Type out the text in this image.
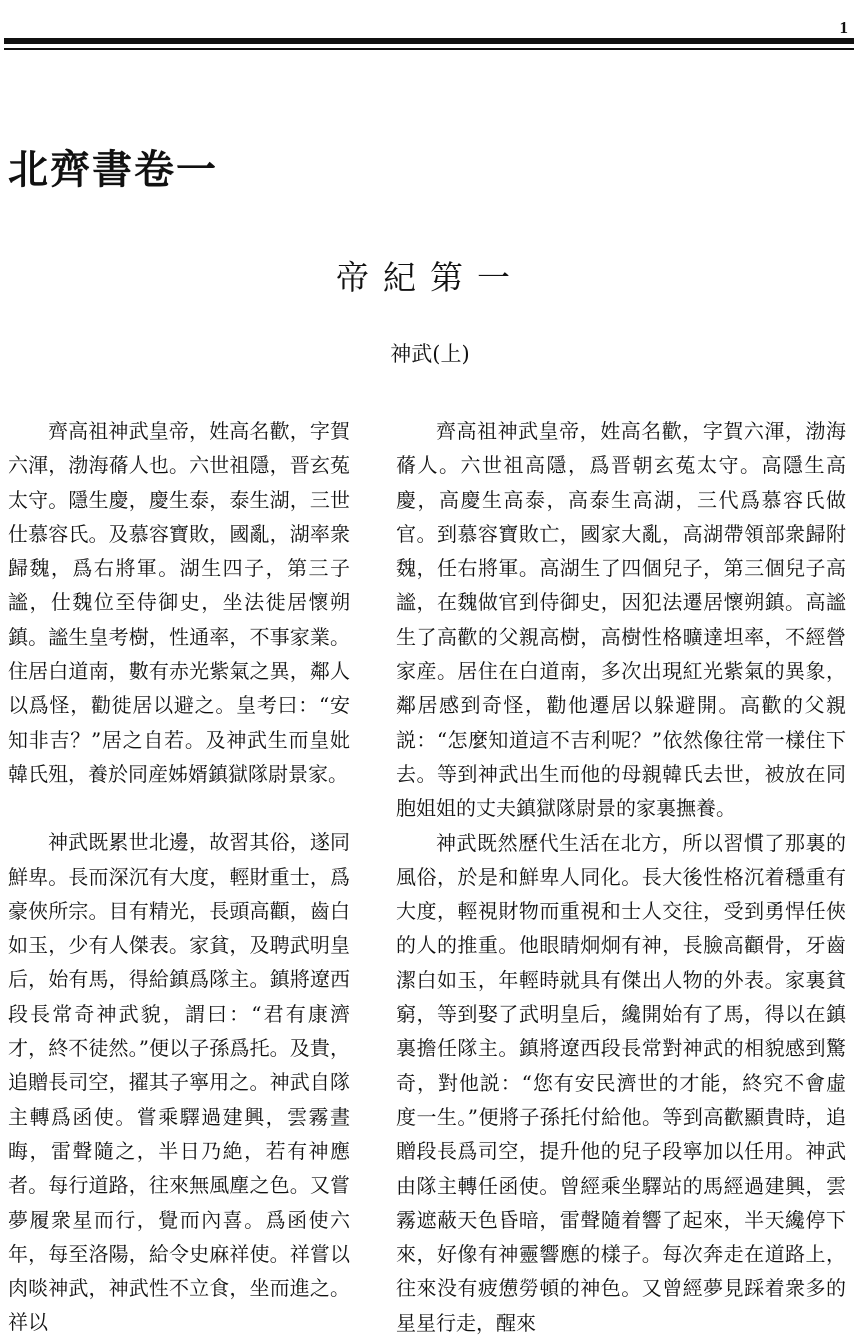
1
北齊書卷一
帝紀第一
神武(上)

齊高祖神武皇帝，姓高名歡，字賀六渾，渤海蓨人也。六世祖隱，晋玄菟太守。隱生慶，慶生泰，泰生湖，三世仕慕容氏。及慕容寶敗，國亂，湖率衆歸魏，爲右將軍。湖生四子，第三子謐，仕魏位至侍御史，坐法徙居懷朔鎮。謐生皇考樹，性通率，不事家業。住居白道南，數有赤光紫氣之異，鄰人以爲怪，勸徙居以避之。皇考曰：“安知非吉？”居之自若。及神武生而皇妣韓氏殂，養於同産姊婿鎮獄隊尉景家。

神武既累世北邊，故習其俗，遂同鮮卑。長而深沉有大度，輕財重士，爲豪俠所宗。目有精光，長頭高顴，齒白如玉，少有人傑表。家貧，及聘武明皇后，始有馬，得給鎮爲隊主。鎮將遼西段長常奇神武貌，謂曰：“君有康濟才，終不徒然。”便以子孫爲托。及貴，追贈長司空，擢其子寧用之。神武自隊主轉爲函使。嘗乘驛過建興，雲霧晝晦，雷聲隨之，半日乃絶，若有神應者。每行道路，往來無風塵之色。又嘗夢履衆星而行，覺而內喜。爲函使六年，每至洛陽，給令史麻祥使。祥嘗以肉啖神武，神武性不立食，坐而進之。祥以

齊高祖神武皇帝，姓高名歡，字賀六渾，渤海蓨人。六世祖高隱，爲晋朝玄菟太守。高隱生高慶，高慶生高泰，高泰生高湖，三代爲慕容氏做官。到慕容寶敗亡，國家大亂，高湖帶領部衆歸附魏，任右將軍。高湖生了四個兒子，第三個兒子高謐，在魏做官到侍御史，因犯法遷居懷朔鎮。高謐生了高歡的父親高樹，高樹性格曠達坦率，不經營家産。居住在白道南，多次出現紅光紫氣的異象，鄰居感到奇怪，勸他遷居以躲避開。高歡的父親説：“怎麼知道這不吉利呢？”依然像往常一樣住下去。等到神武出生而他的母親韓氏去世，被放在同胞姐姐的丈夫鎮獄隊尉景的家裏撫養。

神武既然歷代生活在北方，所以習慣了那裏的風俗，於是和鮮卑人同化。長大後性格沉着穩重有大度，輕視財物而重視和士人交往，受到勇悍任俠的人的推重。他眼睛炯炯有神，長臉高顴骨，牙齒潔白如玉，年輕時就具有傑出人物的外表。家裏貧窮，等到娶了武明皇后，纔開始有了馬，得以在鎮裏擔任隊主。鎮將遼西段長常對神武的相貌感到驚奇，對他説：“您有安民濟世的才能，終究不會虛度一生。”便將子孫托付給他。等到高歡顯貴時，追贈段長爲司空，提升他的兒子段寧加以任用。神武由隊主轉任函使。曾經乘坐驛站的馬經過建興，雲霧遮蔽天色昏暗，雷聲隨着響了起來，半天纔停下來，好像有神靈響應的樣子。每次奔走在道路上，往來没有疲憊勞頓的神色。又曾經夢見踩着衆多的星星行走，醒來
